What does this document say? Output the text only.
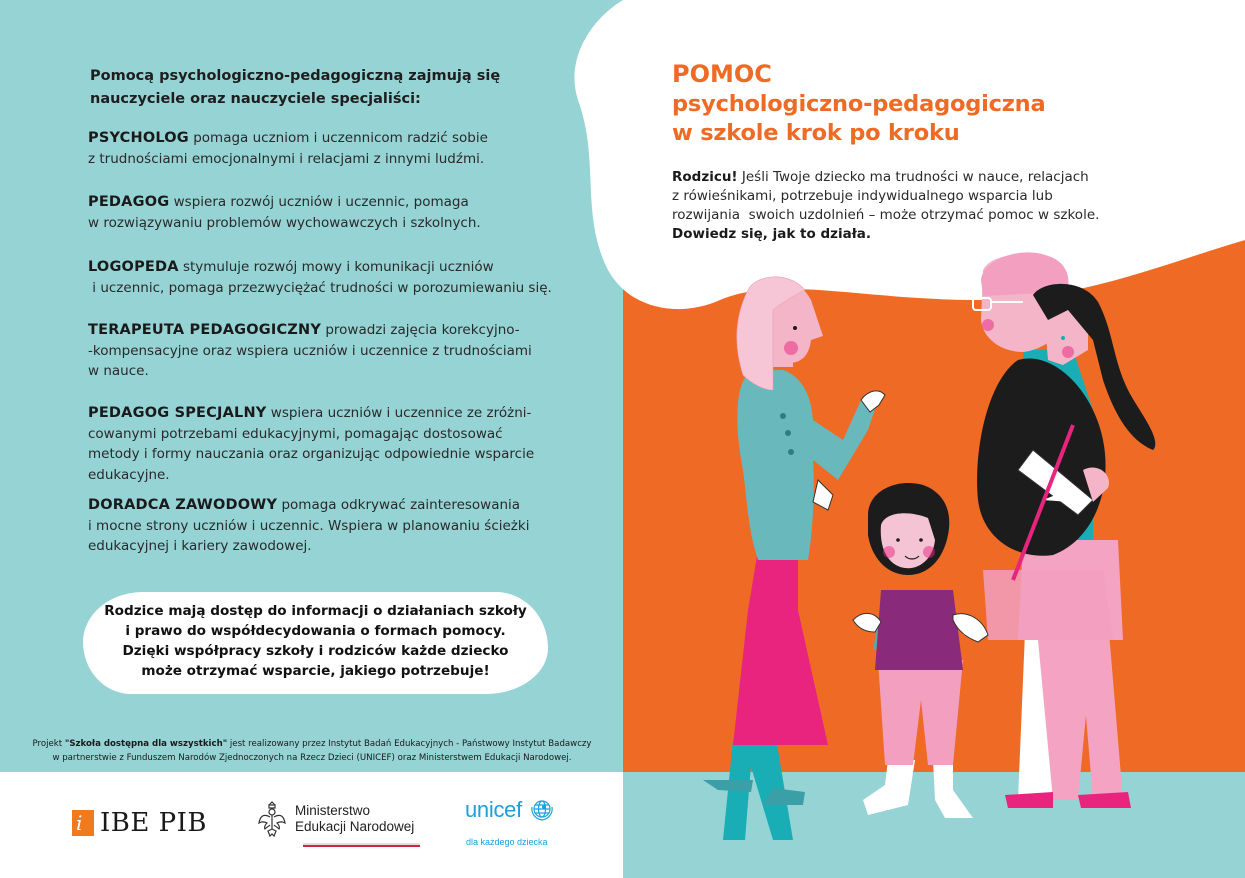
Pomocą psychologiczno-pedagogiczną zajmują się
nauczyciele oraz nauczyciele specjaliści:
PSYCHOLOG pomaga uczniom i uczennicom radzić sobie
z trudnościami emocjonalnymi i relacjami z innymi ludźmi.
PEDAGOG wspiera rozwój uczniów i uczennic, pomaga
w rozwiązywaniu problemów wychowawczych i szkolnych.
LOGOPEDA stymuluje rozwój mowy i komunikacji uczniów
i uczennic, pomaga przezwyciężać trudności w porozumiewaniu się.
TERAPEUTA PEDAGOGICZNY prowadzi zajęcia korekcyjno-
-kompensacyjne oraz wspiera uczniów i uczennice z trudnościami
w nauce.
PEDAGOG SPECJALNY wspiera uczniów i uczennice ze zróżni-
cowanymi potrzebami edukacyjnymi, pomagając dostosować
metody i formy nauczania oraz organizując odpowiednie wsparcie
edukacyjne.
DORADCA ZAWODOWY pomaga odkrywać zainteresowania
i mocne strony uczniów i uczennic. Wspiera w planowaniu ścieżki
edukacyjnej i kariery zawodowej.
Rodzice mają dostęp do informacji o działaniach szkoły
i prawo do współdecydowania o formach pomocy.
Dzięki współpracy szkoły i rodziców każde dziecko
może otrzymać wsparcie, jakiego potrzebuje!
Projekt "Szkoła dostępna dla wszystkich" jest realizowany przez Instytut Badań Edukacyjnych - Państwowy Instytut Badawczy
w partnerstwie z Funduszem Narodów Zjednoczonych na Rzecz Dzieci (UNICEF) oraz Ministerstwem Edukacji Narodowej.
i IBE PIB	Ministerstwo
Edukacji Narodowej
unicef
dla każdego dziecka
POMOC
psychologiczno-pedagogiczna
w szkole krok po kroku
Rodzicu! Jeśli Twoje dziecko ma trudności w nauce, relacjach
z rówieśnikami, potrzebuje indywidualnego wsparcia lub
rozwijania  swoich uzdolnień – może otrzymać pomoc w szkole.
Dowiedz się, jak to działa.
